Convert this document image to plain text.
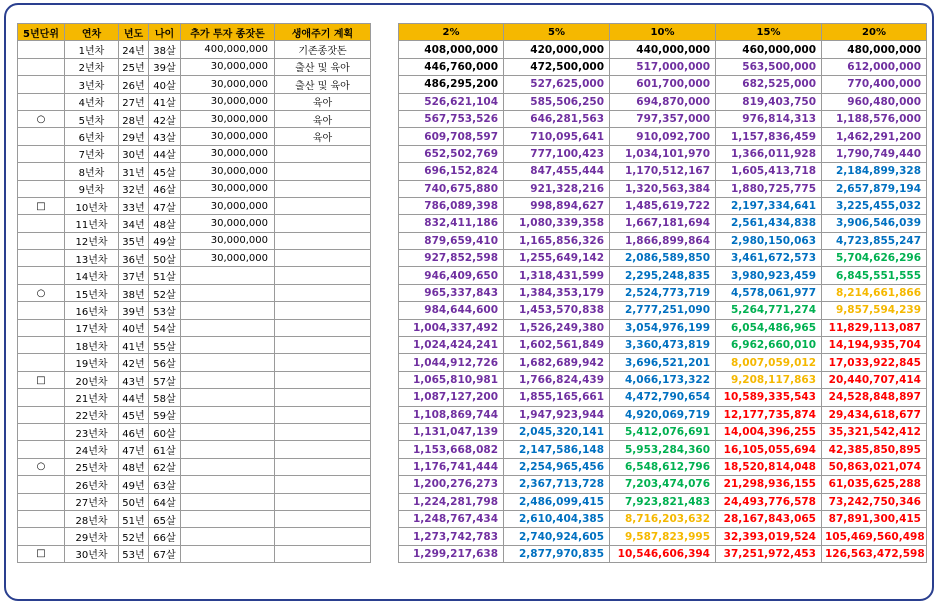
5년단위	연차	년도	나이	추가 투자 종잣돈	생애주기 계획
	1년차	24년	38살	400,000,000	기존종잣돈
	2년차	25년	39살	30,000,000	출산 및 육아
	3년차	26년	40살	30,000,000	출산 및 육아
	4년차	27년	41살	30,000,000	육아
○	5년차	28년	42살	30,000,000	육아
	6년차	29년	43살	30,000,000	육아
	7년차	30년	44살	30,000,000	
	8년차	31년	45살	30,000,000	
	9년차	32년	46살	30,000,000	
□	10년차	33년	47살	30,000,000	
	11년차	34년	48살	30,000,000	
	12년차	35년	49살	30,000,000	
	13년차	36년	50살	30,000,000	
	14년차	37년	51살		
○	15년차	38년	52살		
	16년차	39년	53살		
	17년차	40년	54살		
	18년차	41년	55살		
	19년차	42년	56살		
□	20년차	43년	57살		
	21년차	44년	58살		
	22년차	45년	59살		
	23년차	46년	60살		
	24년차	47년	61살		
○	25년차	48년	62살		
	26년차	49년	63살		
	27년차	50년	64살		
	28년차	51년	65살		
	29년차	52년	66살		
□	30년차	53년	67살		
2%	5%	10%	15%	20%
408,000,000	420,000,000	440,000,000	460,000,000	480,000,000
446,760,000	472,500,000	517,000,000	563,500,000	612,000,000
486,295,200	527,625,000	601,700,000	682,525,000	770,400,000
526,621,104	585,506,250	694,870,000	819,403,750	960,480,000
567,753,526	646,281,563	797,357,000	976,814,313	1,188,576,000
609,708,597	710,095,641	910,092,700	1,157,836,459	1,462,291,200
652,502,769	777,100,423	1,034,101,970	1,366,011,928	1,790,749,440
696,152,824	847,455,444	1,170,512,167	1,605,413,718	2,184,899,328
740,675,880	921,328,216	1,320,563,384	1,880,725,775	2,657,879,194
786,089,398	998,894,627	1,485,619,722	2,197,334,641	3,225,455,032
832,411,186	1,080,339,358	1,667,181,694	2,561,434,838	3,906,546,039
879,659,410	1,165,856,326	1,866,899,864	2,980,150,063	4,723,855,247
927,852,598	1,255,649,142	2,086,589,850	3,461,672,573	5,704,626,296
946,409,650	1,318,431,599	2,295,248,835	3,980,923,459	6,845,551,555
965,337,843	1,384,353,179	2,524,773,719	4,578,061,977	8,214,661,866
984,644,600	1,453,570,838	2,777,251,090	5,264,771,274	9,857,594,239
1,004,337,492	1,526,249,380	3,054,976,199	6,054,486,965	11,829,113,087
1,024,424,241	1,602,561,849	3,360,473,819	6,962,660,010	14,194,935,704
1,044,912,726	1,682,689,942	3,696,521,201	8,007,059,012	17,033,922,845
1,065,810,981	1,766,824,439	4,066,173,322	9,208,117,863	20,440,707,414
1,087,127,200	1,855,165,661	4,472,790,654	10,589,335,543	24,528,848,897
1,108,869,744	1,947,923,944	4,920,069,719	12,177,735,874	29,434,618,677
1,131,047,139	2,045,320,141	5,412,076,691	14,004,396,255	35,321,542,412
1,153,668,082	2,147,586,148	5,953,284,360	16,105,055,694	42,385,850,895
1,176,741,444	2,254,965,456	6,548,612,796	18,520,814,048	50,863,021,074
1,200,276,273	2,367,713,728	7,203,474,076	21,298,936,155	61,035,625,288
1,224,281,798	2,486,099,415	7,923,821,483	24,493,776,578	73,242,750,346
1,248,767,434	2,610,404,385	8,716,203,632	28,167,843,065	87,891,300,415
1,273,742,783	2,740,924,605	9,587,823,995	32,393,019,524	105,469,560,498
1,299,217,638	2,877,970,835	10,546,606,394	37,251,972,453	126,563,472,598
